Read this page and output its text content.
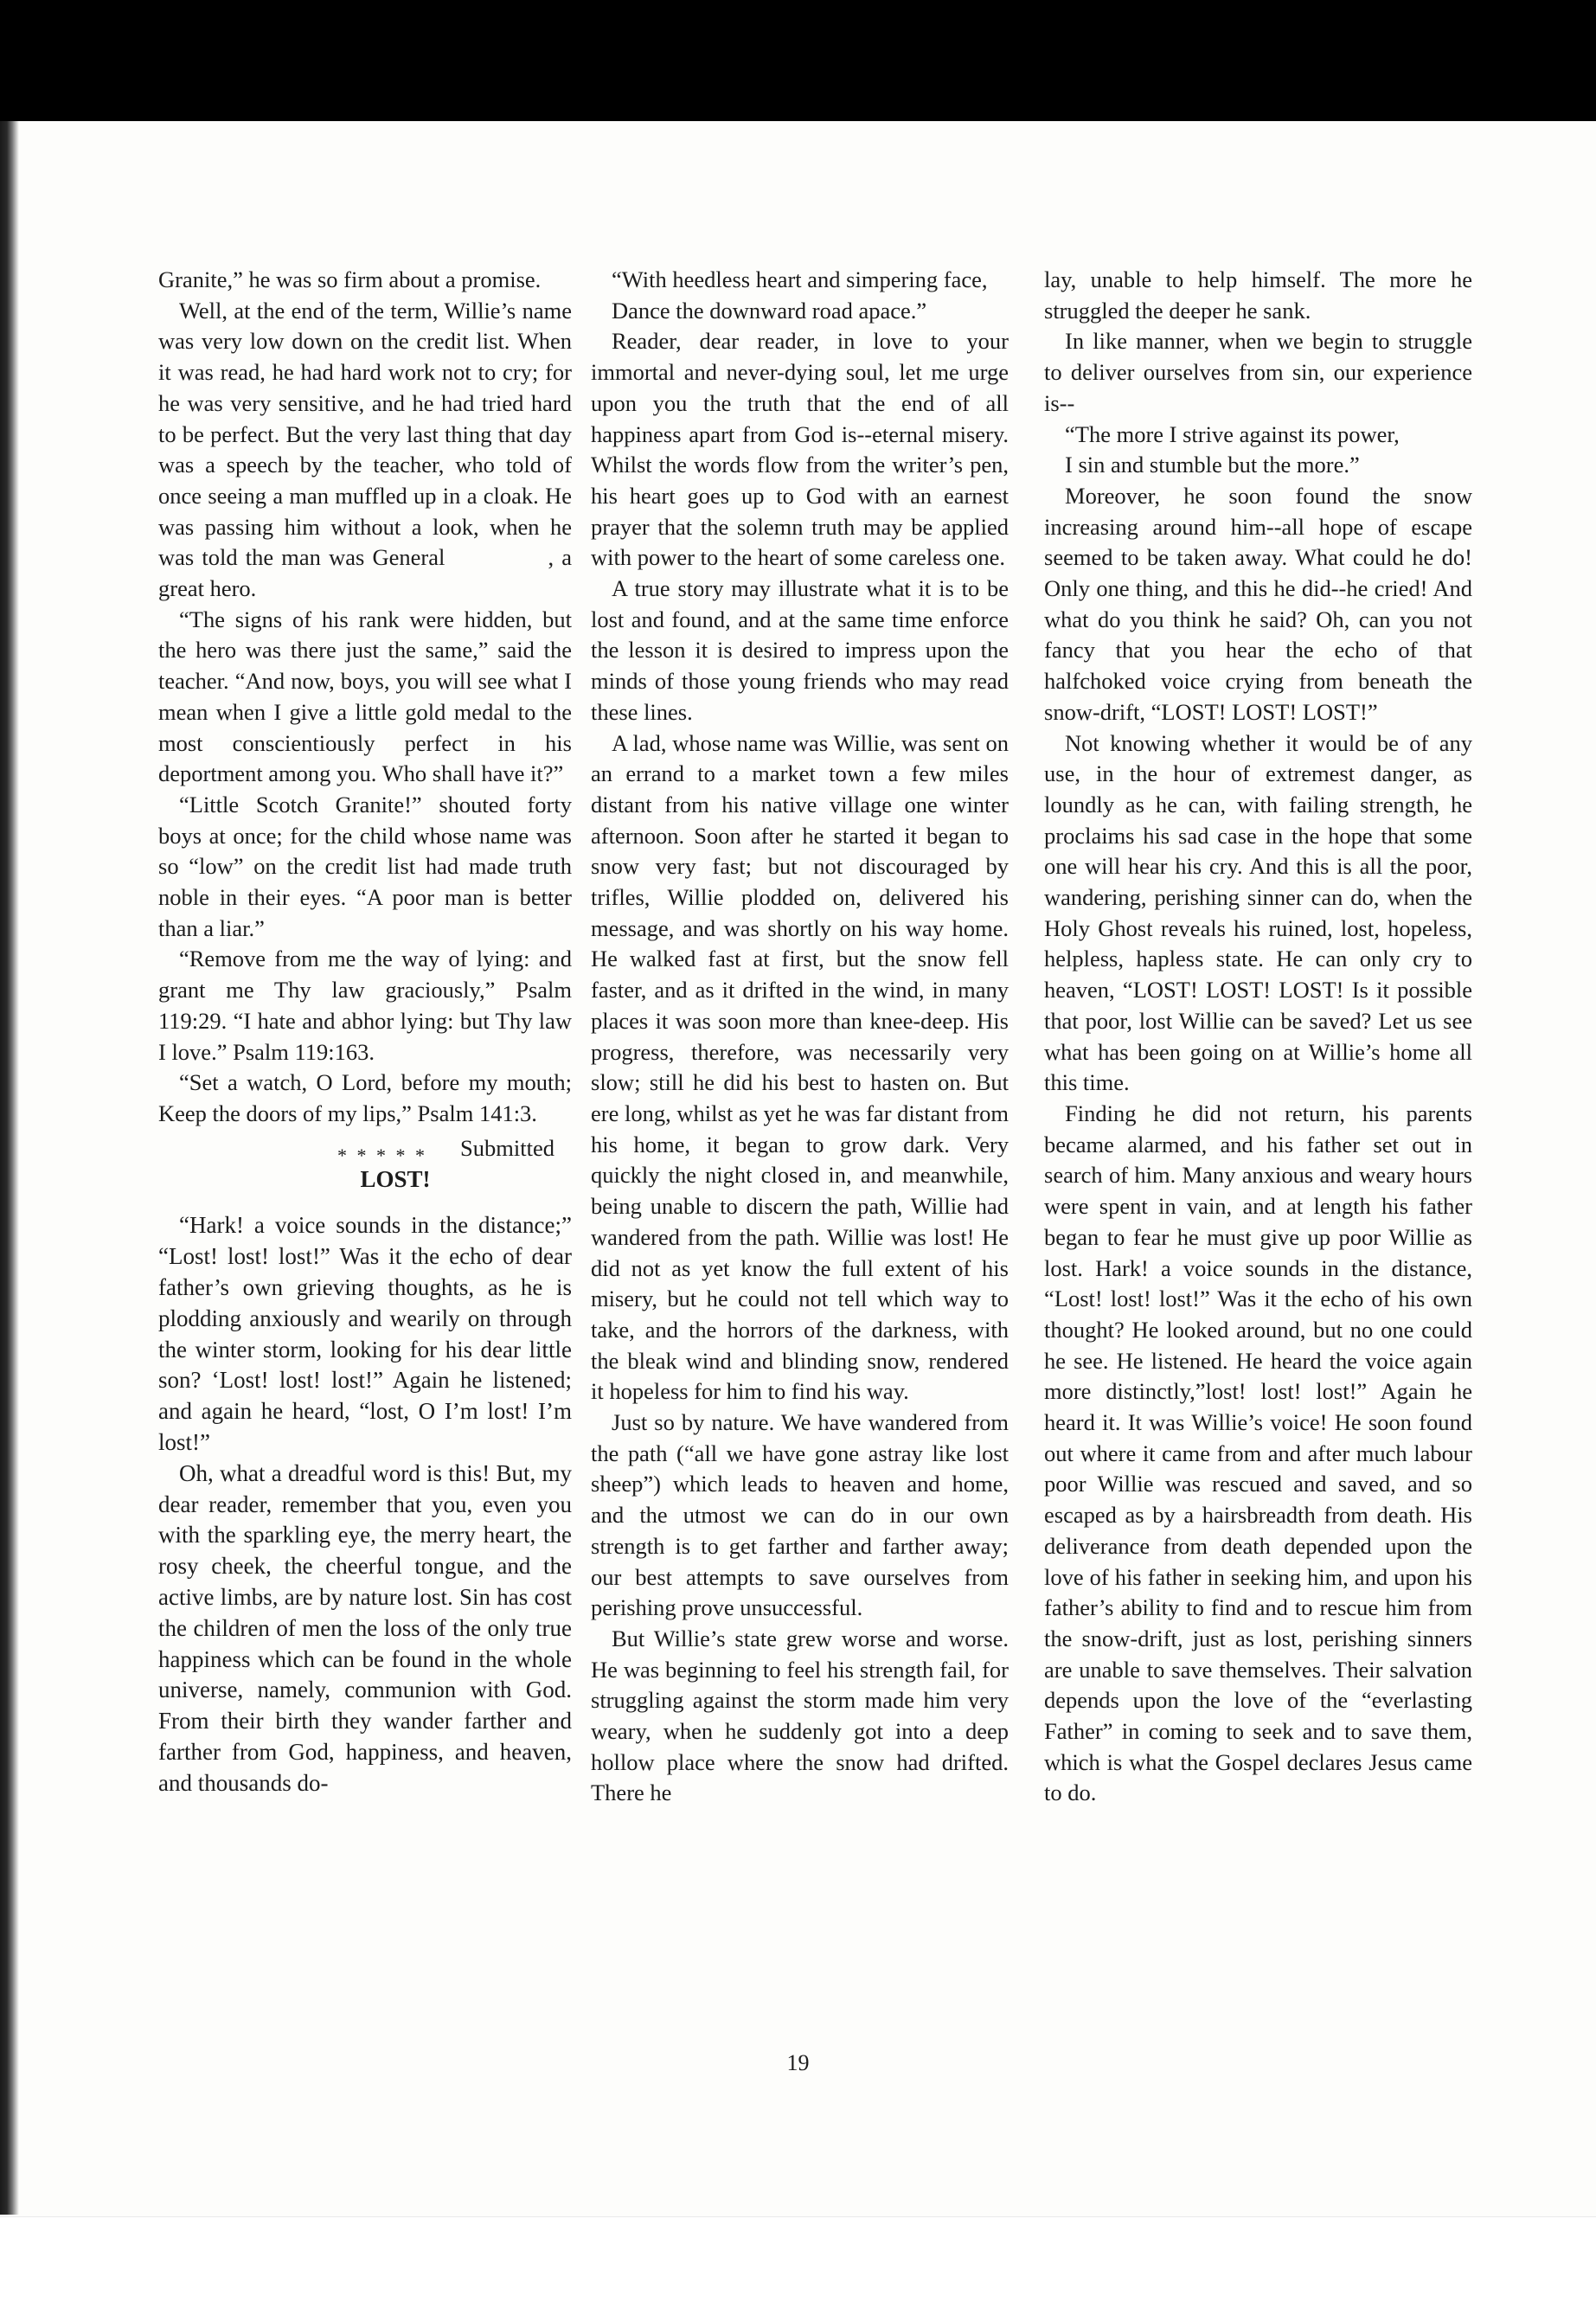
Granite,” he was so firm about a promise.

Well, at the end of the term, Willie’s name was very low down on the credit list. When it was read, he had hard work not to cry; for he was very sensitive, and he had tried hard to be perfect. But the very last thing that day was a speech by the teacher, who told of once seeing a man muffled up in a cloak. He was passing him without a look, when he was told the man was General             , a great hero.

“The signs of his rank were hidden, but the hero was there just the same,” said the teacher. “And now, boys, you will see what I mean when I give a little gold medal to the most conscientiously perfect in his deportment among you. Who shall have it?”

“Little Scotch Granite!” shouted forty boys at once; for the child whose name was so “low” on the credit list had made truth noble in their eyes. “A poor man is better than a liar.”

“Remove from me the way of lying: and grant me Thy law graciously,” Psalm 119:29. “I hate and abhor lying: but Thy law I love.” Psalm 119:163.

“Set a watch, O Lord, before my mouth; Keep the doors of my lips,” Psalm 141:3.

* * * * * Submitted
LOST!

“Hark! a voice sounds in the distance;” “Lost! lost! lost!” Was it the echo of dear father’s own grieving thoughts, as he is plodding anxiously and wearily on through the winter storm, looking for his dear little son? ‘Lost! lost! lost!” Again he listened; and again he heard, “lost, O I’m lost! I’m lost!”

Oh, what a dreadful word is this! But, my dear reader, remember that you, even you with the sparkling eye, the merry heart, the rosy cheek, the cheerful tongue, and the active limbs, are by nature lost. Sin has cost the children of men the loss of the only true happiness which can be found in the whole universe, namely, communion with God. From their birth they wander farther and farther from God, happiness, and heaven, and thousands do-

“With heedless heart and simpering face,

Dance the downward road apace.”

Reader, dear reader, in love to your immortal and never-dying soul, let me urge upon you the truth that the end of all happiness apart from God is--eternal misery. Whilst the words flow from the writer’s pen, his heart goes up to God with an earnest prayer that the solemn truth may be applied with power to the heart of some careless one.

A true story may illustrate what it is to be lost and found, and at the same time enforce the lesson it is desired to impress upon the minds of those young friends who may read these lines.

A lad, whose name was Willie, was sent on an errand to a market town a few miles distant from his native village one winter afternoon. Soon after he started it began to snow very fast; but not discouraged by trifles, Willie plodded on, delivered his message, and was shortly on his way home. He walked fast at first, but the snow fell faster, and as it drifted in the wind, in many places it was soon more than knee-deep. His progress, therefore, was necessarily very slow; still he did his best to hasten on. But ere long, whilst as yet he was far distant from his home, it began to grow dark. Very quickly the night closed in, and meanwhile, being unable to discern the path, Willie had wandered from the path. Willie was lost! He did not as yet know the full extent of his misery, but he could not tell which way to take, and the horrors of the darkness, with the bleak wind and blinding snow, rendered it hopeless for him to find his way.

Just so by nature. We have wandered from the path (“all we have gone astray like lost sheep”) which leads to heaven and home, and the utmost we can do in our own strength is to get farther and farther away; our best attempts to save ourselves from perishing prove unsuccessful.

But Willie’s state grew worse and worse. He was beginning to feel his strength fail, for struggling against the storm made him very weary, when he suddenly got into a deep hollow place where the snow had drifted. There he

lay, unable to help himself. The more he struggled the deeper he sank.

In like manner, when we begin to struggle to deliver ourselves from sin, our experience is--

“The more I strive against its power,

I sin and stumble but the more.”

Moreover, he soon found the snow increasing around him--all hope of escape seemed to be taken away. What could he do! Only one thing, and this he did--he cried! And what do you think he said? Oh, can you not fancy that you hear the echo of that halfchoked voice crying from beneath the snow-drift, “LOST! LOST! LOST!”

Not knowing whether it would be of any use, in the hour of extremest danger, as loundly as he can, with failing strength, he proclaims his sad case in the hope that some one will hear his cry. And this is all the poor, wandering, perishing sinner can do, when the Holy Ghost reveals his ruined, lost, hopeless, helpless, hapless state. He can only cry to heaven, “LOST! LOST! LOST! Is it possible that poor, lost Willie can be saved? Let us see what has been going on at Willie’s home all this time.

Finding he did not return, his parents became alarmed, and his father set out in search of him. Many anxious and weary hours were spent in vain, and at length his father began to fear he must give up poor Willie as lost. Hark! a voice sounds in the distance, “Lost! lost! lost!” Was it the echo of his own thought? He looked around, but no one could he see. He listened. He heard the voice again more distinctly,”lost! lost! lost!” Again he heard it. It was Willie’s voice! He soon found out where it came from and after much labour poor Willie was rescued and saved, and so escaped as by a hairsbreadth from death. His deliverance from death depended upon the love of his father in seeking him, and upon his father’s ability to find and to rescue him from the snow-drift, just as lost, perishing sinners are unable to save themselves. Their salvation depends upon the love of the “everlasting Father” in coming to seek and to save them, which is what the Gospel declares Jesus came to do.

19
